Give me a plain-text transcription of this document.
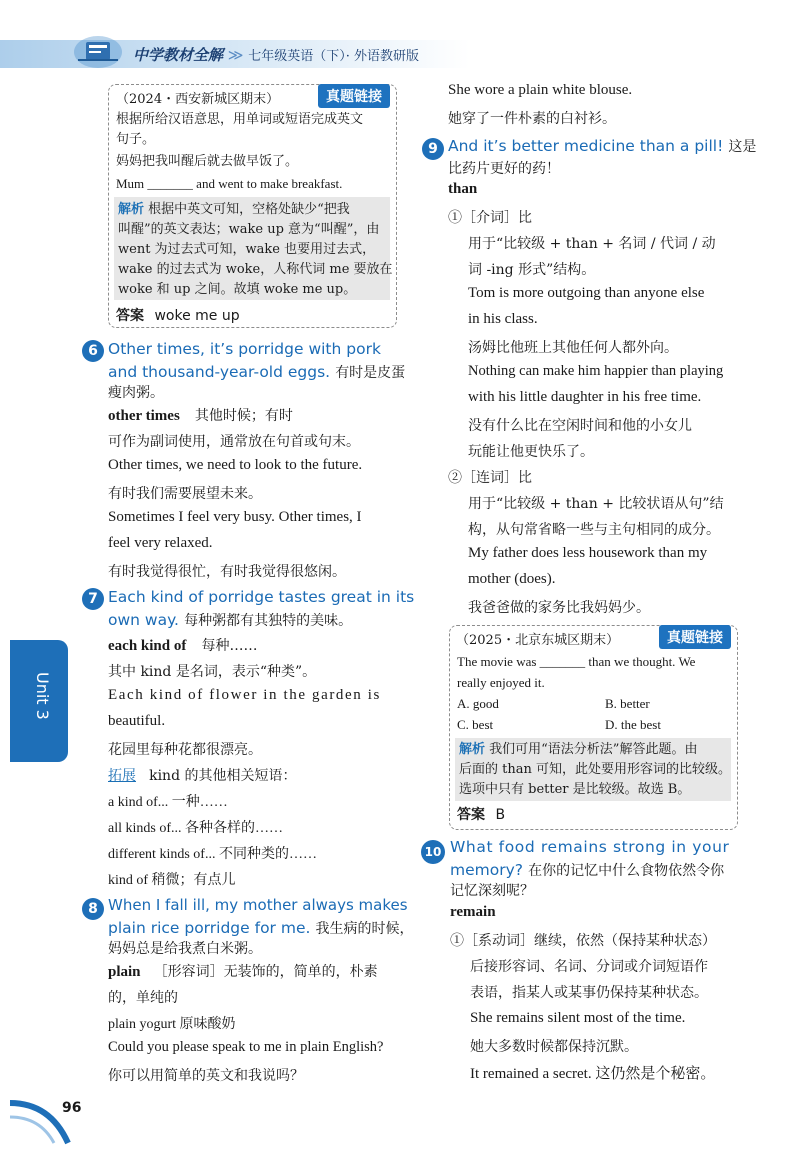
中学教材全解 ≫ 七年级英语（下）· 外语教研版
（2024・西安新城区期末）	真题链接
根据所给汉语意思，用单词或短语完成英文
句子。
妈妈把我叫醒后就去做早饭了。
Mum _______ and went to make breakfast.
解析 根据中英文可知，空格处缺少“把我
叫醒”的英文表达；wake up 意为“叫醒”，由
went 为过去式可知，wake 也要用过去式，
wake 的过去式为 woke，人称代词 me 要放在
woke 和 up 之间。故填 woke me up。
答案 woke me up
6 Other times, it’s porridge with pork
and thousand-year-old eggs. 有时是皮蛋
瘦肉粥。
other times 其他时候；有时
可作为副词使用，通常放在句首或句末。
Other times, we need to look to the future.
有时我们需要展望未来。
Sometimes I feel very busy. Other times, I
feel very relaxed.
有时我觉得很忙，有时我觉得很悠闲。
7 Each kind of porridge tastes great in its
own way. 每种粥都有其独特的美味。
each kind of 每种……
其中 kind 是名词，表示“种类”。
Each kind of flower in the garden is
beautiful.
花园里每种花都很漂亮。
拓展 kind 的其他相关短语：
a kind of... 一种……
all kinds of... 各种各样的……
different kinds of... 不同种类的……
kind of 稍微；有点儿
8 When I fall ill, my mother always makes
plain rice porridge for me. 我生病的时候，
妈妈总是给我煮白米粥。
plain ［形容词］无装饰的，简单的，朴素
的，单纯的
plain yogurt 原味酸奶
Could you please speak to me in plain English?
你可以用简单的英文和我说吗？
Unit 3
96
She wore a plain white blouse.
她穿了一件朴素的白衬衫。
9 And it’s better medicine than a pill! 这是
比药片更好的药！
than
①［介词］比
用于“比较级 + than + 名词 / 代词 / 动
词 -ing 形式”结构。
Tom is more outgoing than anyone else
in his class.
汤姆比他班上其他任何人都外向。
Nothing can make him happier than playing
with his little daughter in his free time.
没有什么比在空闲时间和他的小女儿
玩能让他更快乐了。
②［连词］比
用于“比较级 + than + 比较状语从句”结
构，从句常省略一些与主句相同的成分。
My father does less housework than my
mother (does).
我爸爸做的家务比我妈妈少。
（2025・北京东城区期末）	真题链接
The movie was _______ than we thought. We
really enjoyed it.
A. good	B. better
C. best	D. the best
解析 我们可用“语法分析法”解答此题。由
后面的 than 可知，此处要用形容词的比较级。
选项中只有 better 是比较级。故选 B。
答案 B
10 What food remains strong in your
memory? 在你的记忆中什么食物依然令你
记忆深刻呢？
remain
①［系动词］继续，依然（保持某种状态）
后接形容词、名词、分词或介词短语作
表语，指某人或某事仍保持某种状态。
She remains silent most of the time.
她大多数时候都保持沉默。
It remained a secret. 这仍然是个秘密。
